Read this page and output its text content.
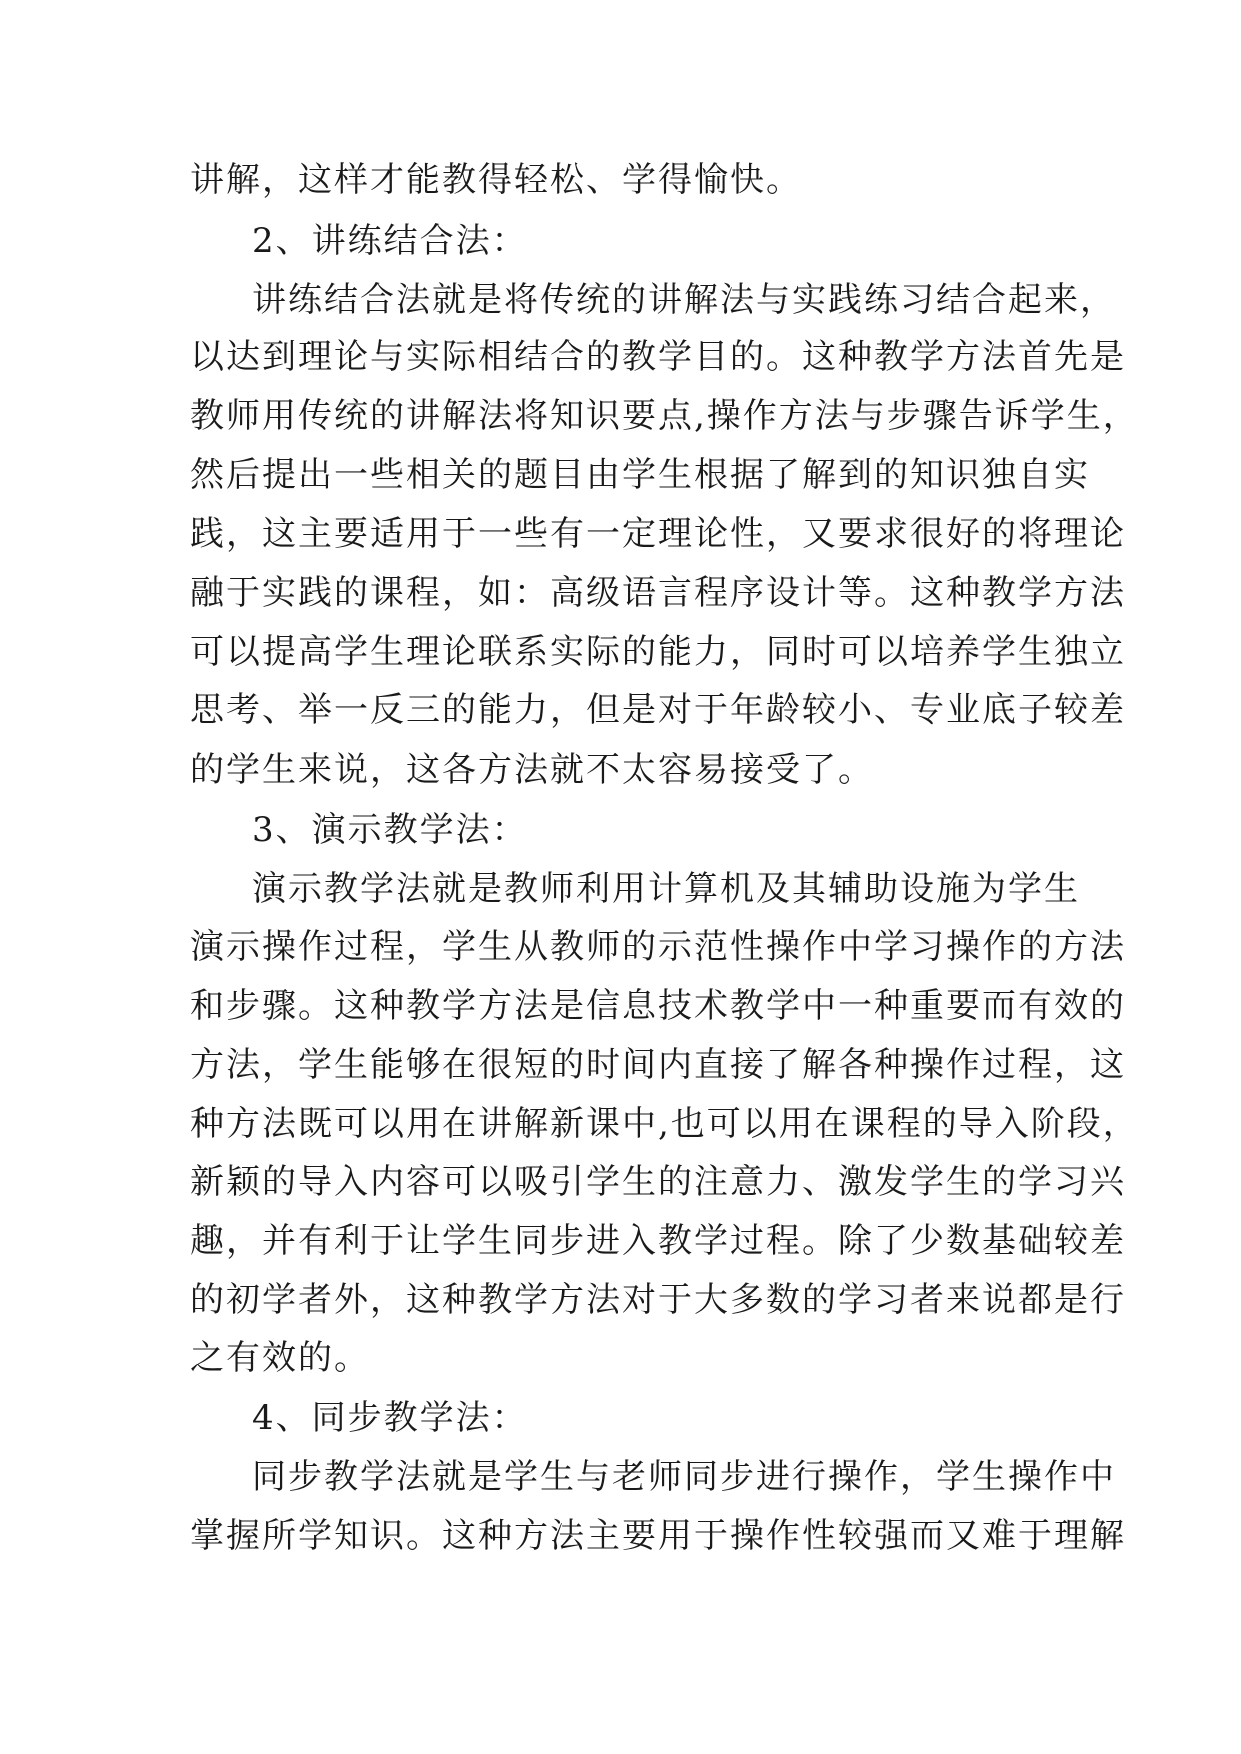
讲解，这样才能教得轻松、学得愉快。
2、讲练结合法：
讲练结合法就是将传统的讲解法与实践练习结合起来，
以达到理论与实际相结合的教学目的。这种教学方法首先是
教师用传统的讲解法将知识要点,操作方法与步骤告诉学生，
然后提出一些相关的题目由学生根据了解到的知识独自实
践，这主要适用于一些有一定理论性，又要求很好的将理论
融于实践的课程，如：高级语言程序设计等。这种教学方法
可以提高学生理论联系实际的能力，同时可以培养学生独立
思考、举一反三的能力，但是对于年龄较小、专业底子较差
的学生来说，这各方法就不太容易接受了。
3、演示教学法：
演示教学法就是教师利用计算机及其辅助设施为学生
演示操作过程，学生从教师的示范性操作中学习操作的方法
和步骤。这种教学方法是信息技术教学中一种重要而有效的
方法，学生能够在很短的时间内直接了解各种操作过程，这
种方法既可以用在讲解新课中,也可以用在课程的导入阶段，
新颖的导入内容可以吸引学生的注意力、激发学生的学习兴
趣，并有利于让学生同步进入教学过程。除了少数基础较差
的初学者外，这种教学方法对于大多数的学习者来说都是行
之有效的。
4、同步教学法：
同步教学法就是学生与老师同步进行操作，学生操作中
掌握所学知识。这种方法主要用于操作性较强而又难于理解
